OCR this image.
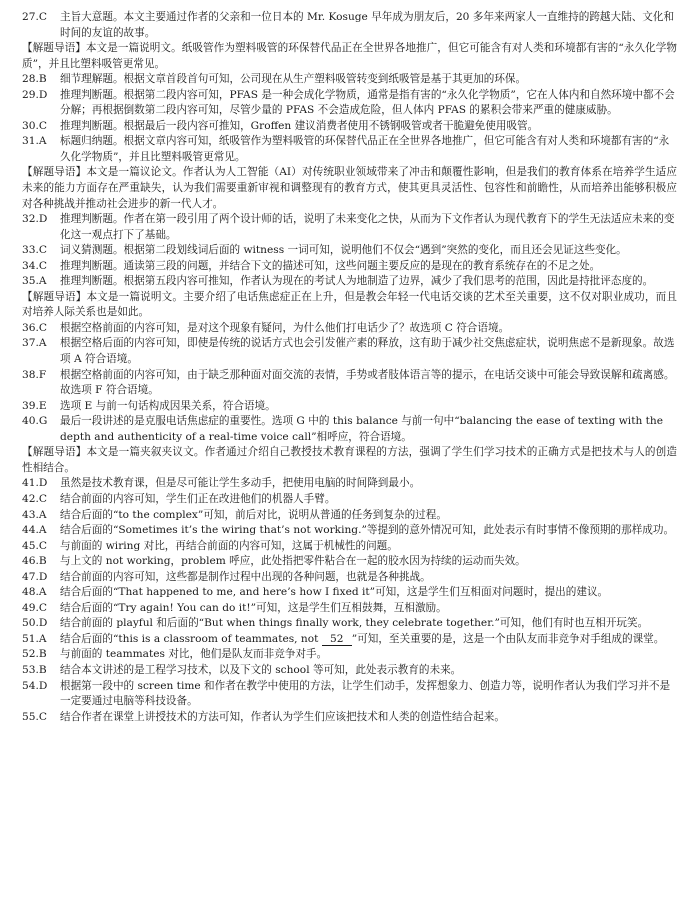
27.C	主旨大意题。本文主要通过作者的父亲和一位日本的 Mr. Kosuge 早年成为朋友后，20 多年来两家人一直维持的跨越大陆、文化和时间的友谊的故事。
【解题导语】本文是一篇说明文。纸吸管作为塑料吸管的环保替代品正在全世界各地推广，但它可能含有对人类和环境都有害的“永久化学物质”，并且比塑料吸管更常见。
28.B	细节理解题。根据文章首段首句可知，公司现在从生产塑料吸管转变到纸吸管是基于其更加的环保。
29.D	推理判断题。根据第二段内容可知，PFAS 是一种会成化学物质，通常是指有害的“永久化学物质”，它在人体内和自然环境中都不会分解；再根据倒数第二段内容可知，尽管少量的 PFAS 不会造成危险，但人体内 PFAS 的累积会带来严重的健康威胁。
30.C	推理判断题。根据最后一段内容可推知，Groffen 建议消费者使用不锈钢吸管或者干脆避免使用吸管。
31.A	标题归纳题。根据文章内容可知，纸吸管作为塑料吸管的环保替代品正在全世界各地推广，但它可能含有对人类和环境都有害的“永久化学物质”，并且比塑料吸管更常见。
【解题导语】本文是一篇议论文。作者认为人工智能（AI）对传统职业领域带来了冲击和颠覆性影响，但是我们的教育体系在培养学生适应未来的能力方面存在严重缺失，认为我们需要重新审视和调整现有的教育方式，使其更具灵活性、包容性和前瞻性，从而培养出能够积极应对各种挑战并推动社会进步的新一代人才。
32.D	推理判断题。作者在第一段引用了两个设计师的话，说明了未来变化之快，从而为下文作者认为现代教育下的学生无法适应未来的变化这一观点打下了基础。
33.C	词义猜测题。根据第二段划线词后面的 witness 一词可知，说明他们不仅会“遇到”突然的变化，而且还会见证这些变化。
34.C	推理判断题。通读第三段的问题，并结合下文的描述可知，这些问题主要反应的是现在的教育系统存在的不足之处。
35.A	推理判断题。根据第五段内容可推知，作者认为现在的考试人为地制造了边界，减少了我们思考的范围，因此是持批评态度的。
【解题导语】本文是一篇说明文。主要介绍了电话焦虑症正在上升，但是教会年轻一代电话交谈的艺术至关重要，这不仅对职业成功，而且对培养人际关系也是如此。
36.C	根据空格前面的内容可知，是对这个现象有疑问，为什么他们打电话少了？故选项 C 符合语境。
37.A	根据空格后面的内容可知，即使是传统的说话方式也会引发催产素的释放，这有助于减少社交焦虑症状，说明焦虑不是新现象。故选项 A 符合语境。
38.F	根据空格前面的内容可知，由于缺乏那种面对面交流的表情，手势或者肢体语言等的提示，在电话交谈中可能会导致误解和疏离感。故选项 F 符合语境。
39.E	选项 E 与前一句话构成因果关系，符合语境。
40.G	最后一段讲述的是克服电话焦虑症的重要性。选项 G 中的 this balance 与前一句中“balancing the ease of texting with the depth and authenticity of a real-time voice call”相呼应，符合语境。
【解题导语】本文是一篇夹叙夹议文。作者通过介绍自己教授技术教育课程的方法，强调了学生们学习技术的正确方式是把技术与人的创造性相结合。
41.D	虽然是技术教育课，但是尽可能让学生多动手，把使用电脑的时间降到最小。
42.C	结合前面的内容可知，学生们正在改进他们的机器人手臂。
43.A	结合后面的“to the complex”可知，前后对比，说明从普通的任务到复杂的过程。
44.A	结合后面的“Sometimes it’s the wiring that’s not working.”等提到的意外情况可知，此处表示有时事情不像预期的那样成功。
45.C	与前面的 wiring 对比，再结合前面的内容可知，这属于机械性的问题。
46.B	与上文的 not working，problem 呼应，此处指把零件粘合在一起的胶水因为持续的运动而失效。
47.D	结合前面的内容可知，这些都是制作过程中出现的各种问题，也就是各种挑战。
48.A	结合后面的“That happened to me, and here’s how I fixed it”可知，这是学生们互相面对问题时，提出的建议。
49.C	结合后面的“Try again! You can do it!”可知，这是学生们互相鼓舞，互相激励。
50.D	结合前面的 playful 和后面的“But when things finally work, they celebrate together.”可知，他们有时也互相开玩笑。
51.A	结合后面的“this is a classroom of teammates, not 52 ”可知，至关重要的是，这是一个由队友而非竞争对手组成的课堂。
52.B	与前面的 teammates 对比，他们是队友而非竞争对手。
53.B	结合本文讲述的是工程学习技术，以及下文的 school 等可知，此处表示教育的未来。
54.D	根据第一段中的 screen time 和作者在教学中使用的方法，让学生们动手，发挥想象力、创造力等，说明作者认为我们学习并不是一定要通过电脑等科技设备。
55.C	结合作者在课堂上讲授技术的方法可知，作者认为学生们应该把技术和人类的创造性结合起来。
